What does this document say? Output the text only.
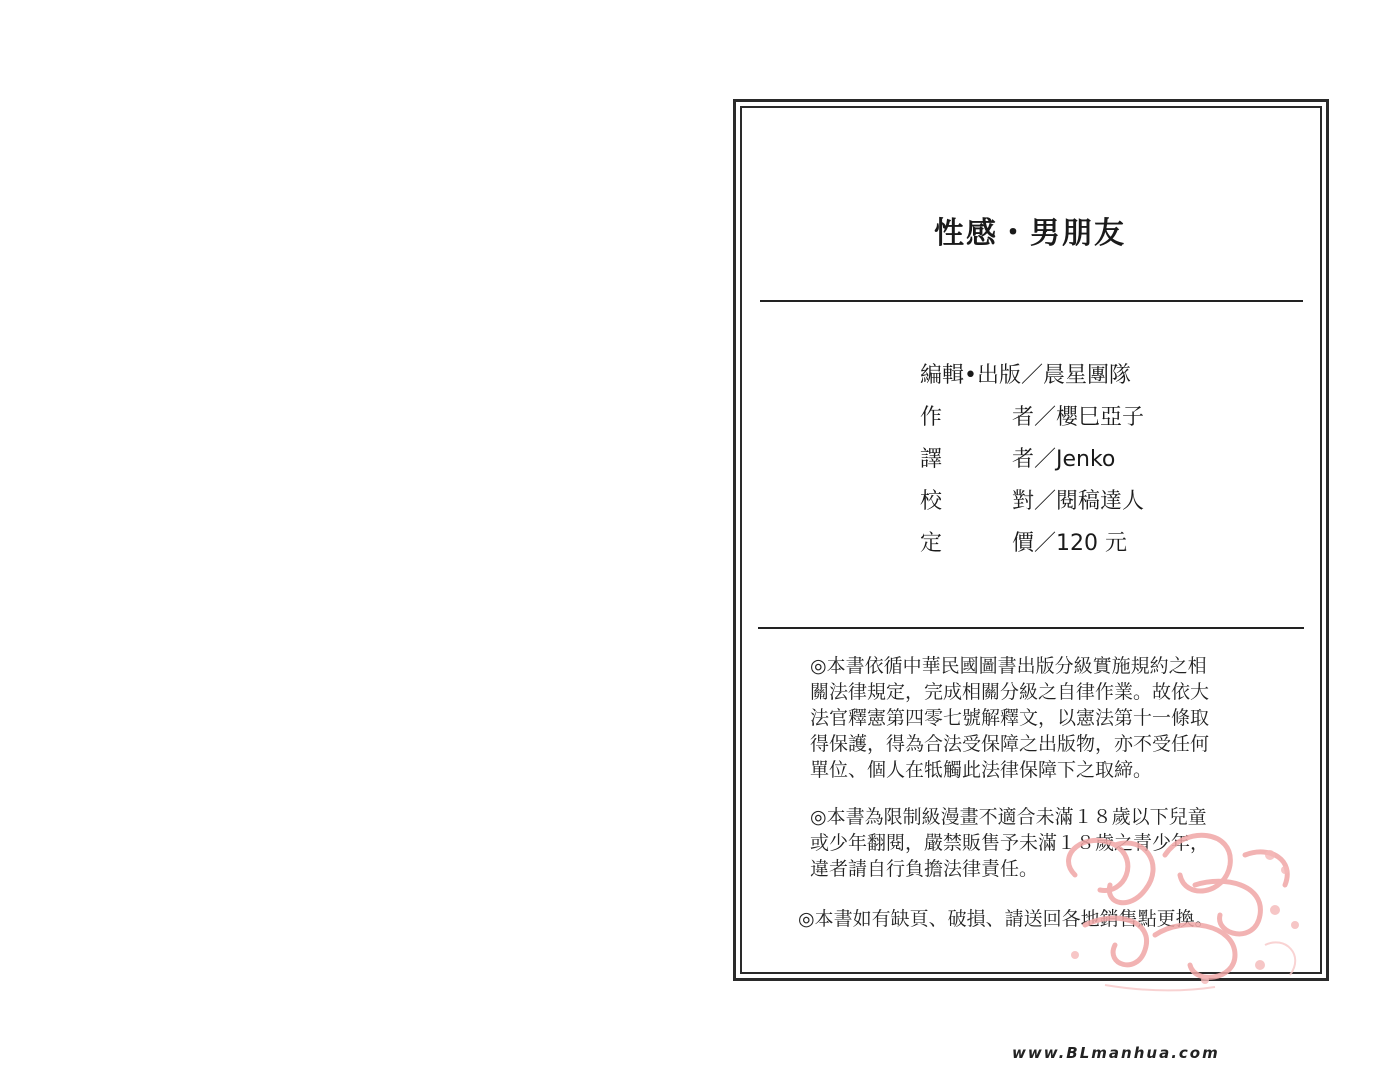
性感・男朋友
編輯•出版 ／晨星團隊
作	者／櫻巳亞子
譯	者／Jenko
校	對／閱稿達人
定	價／120 元
◎本書依循中華民國圖書出版分級實施規約之相
關法律規定，完成相關分級之自律作業。故依大
法官釋憲第四零七號解釋文，以憲法第十一條取
得保護，得為合法受保障之出版物，亦不受任何
單位、個人在牴觸此法律保障下之取締。
◎本書為限制級漫畫不適合未滿１８歲以下兒童
或少年翻閱，嚴禁販售予未滿１８歲之青少年，
違者請自行負擔法律責任。
◎本書如有缺頁、破損、請送回各地銷售點更換。
www.BLmanhua.com
